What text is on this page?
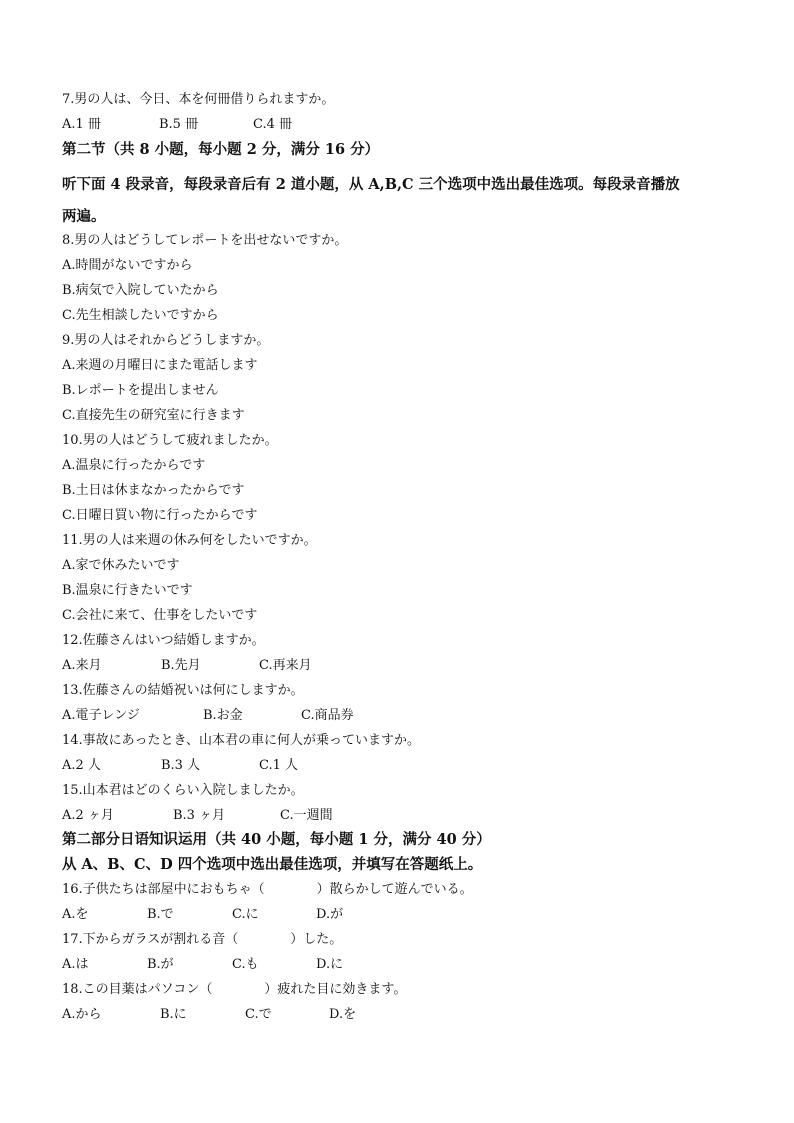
7.男の人は、今日、本を何冊借りられますか。
A.1 冊	B.5 冊	C.4 冊
第二节（共 8 小题，每小题 2 分，满分 16 分）
听下面 4 段录音，每段录音后有 2 道小题，从 A,B,C 三个选项中选出最佳选项。每段录音播放
两遍。
8.男の人はどうしてレポートを出せないですか。
A.時間がないですから
B.病気で入院していたから
C.先生相談したいですから
9.男の人はそれからどうしますか。
A.来週の月曜日にまた電話します
B.レポートを提出しません
C.直接先生の研究室に行きます
10.男の人はどうして疲れましたか。
A.温泉に行ったからです
B.土日は休まなかったからです
C.日曜日買い物に行ったからです
11.男の人は来週の休み何をしたいですか。
A.家で休みたいです
B.温泉に行きたいです
C.会社に来て、仕事をしたいです
12.佐藤さんはいつ結婚しますか。
A.来月	B.先月	C.再来月
13.佐藤さんの結婚祝いは何にしますか。
A.電子レンジ	B.お金	C.商品券
14.事故にあったとき、山本君の車に何人が乗っていますか。
A.2 人	B.3 人	C.1 人
15.山本君はどのくらい入院しましたか。
A.2 ヶ月	B.3 ヶ月	C.一週間
第二部分日语知识运用（共 40 小题，每小题 1 分，满分 40 分）
从 A、B、C、D 四个选项中选出最佳选项，并填写在答题纸上。
16.子供たちは部屋中におもちゃ（　　　　）散らかして遊んでいる。
A.を	B.で	C.に	D.が
17.下からガラスが割れる音（　　　　）した。
A.は	B.が	C.も	D.に
18.この目薬はパソコン（　　　　）疲れた目に効きます。
A.から	B.に	C.で	D.を
